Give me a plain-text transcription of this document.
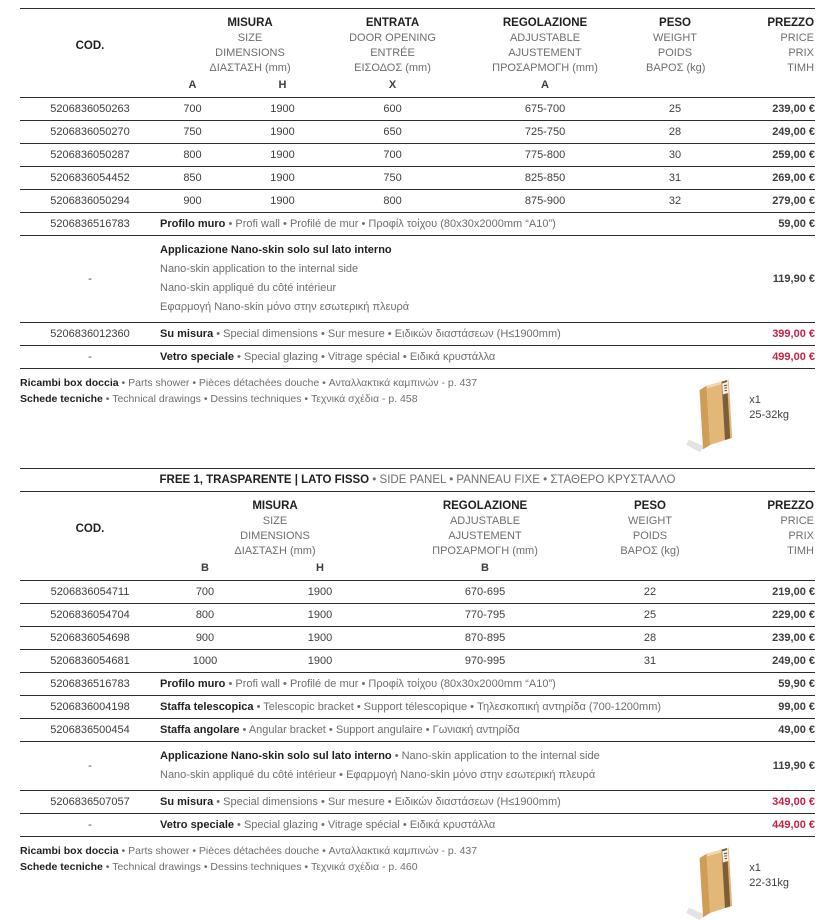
COD.	
MISURA
SIZE
DIMENSIONS
ΔΙΑΣΤΑΣΗ (mm)

ENTRATA
DOOR OPENING
ENTRÉE
ΕΙΣΟΔΟΣ (mm)

REGOLAZIONE
ADJUSTABLE
AJUSTEMENT
ΠΡΟΣΑΡΜΟΓΗ (mm)

PESO
WEIGHT
POIDS
ΒΑΡΟΣ (kg)

PREZZO
PRICE
PRIX
ΤΙΜΗ

	A	H	X	A		
5206836050263	700	1900	600	675-700	25	239,00 €
5206836050270	750	1900	650	725-750	28	249,00 €
5206836050287	800	1900	700	775-800	30	259,00 €
5206836054452	850	1900	750	825-850	31	269,00 €
5206836050294	900	1900	800	875-900	32	279,00 €
5206836516783	Profilo muro • Profi wall • Profilé de mur • Προφίλ τοίχου (80x30x2000mm “A10”)					59,00 €
-	Applicazione Nano-skin solo sul lato interno
Nano-skin application to the internal side
Nano-skin appliqué du côté intérieur
Εφαρμογή Nano-skin μόνο στην εσωτερική πλευρά					119,90 €
5206836012360	Su misura • Special dimensions • Sur mesure • Ειδικών διαστάσεων (H≤1900mm)					399,00 €
-	Vetro speciale • Special glazing • Vitrage spécial • Ειδικά κρυστάλλα					499,00 €
Ricambi box doccia • Parts shower • Pièces détachées douche • Ανταλλακτικά καμπινών - p. 437
Schede tecniche • Technical drawings • Dessins techniques • Τεχνικά σχέδια - p. 458	x1
25-32kg
FREE 1, TRASPARENTE | LATO FISSO • SIDE PANEL • PANNEAU FIXE • ΣΤΑΘΕΡΟ ΚΡΥΣΤΑΛΛΟ					
COD.	
MISURA
SIZE
DIMENSIONS
ΔΙΑΣΤΑΣΗ (mm)

REGOLAZIONE
ADJUSTABLE
AJUSTEMENT
ΠΡΟΣΑΡΜΟΓΗ (mm)

PESO
WEIGHT
POIDS
ΒΑΡΟΣ (kg)

PREZZO
PRICE
PRIX
ΤΙΜΗ

	B	H	B		
5206836054711	700	1900	670-695	22	219,00 €
5206836054704	800	1900	770-795	25	229,00 €
5206836054698	900	1900	870-895	28	239,00 €
5206836054681	1000	1900	970-995	31	249,00 €
5206836516783	Profilo muro • Profi wall • Profilé de mur • Προφίλ τοίχου (80x30x2000mm “A10”)				59,90 €
5206836004198	Staffa telescopica • Telescopic bracket • Support télescopique • Τηλεσκοπική αντηρίδα (700-1200mm)				99,00 €
5206836500454	Staffa angolare • Angular bracket • Support angulaire • Γωνιακή αντηρίδα				49,00 €
-	Applicazione Nano-skin solo sul lato interno • Nano-skin application to the internal side
Nano-skin appliqué du côté intérieur • Εφαρμογή Nano-skin μόνο στην εσωτερική πλευρά				119,90 €
5206836507057	Su misura • Special dimensions • Sur mesure • Ειδικών διαστάσεων (H≤1900mm)				349,00 €
-	Vetro speciale • Special glazing • Vitrage spécial • Ειδικά κρυστάλλα				449,00 €
Ricambi box doccia • Parts shower • Pièces détachées douche • Ανταλλακτικά καμπινών - p. 437
Schede tecniche • Technical drawings • Dessins techniques • Τεχνικά σχέδια - p. 460	x1
22-31kg
